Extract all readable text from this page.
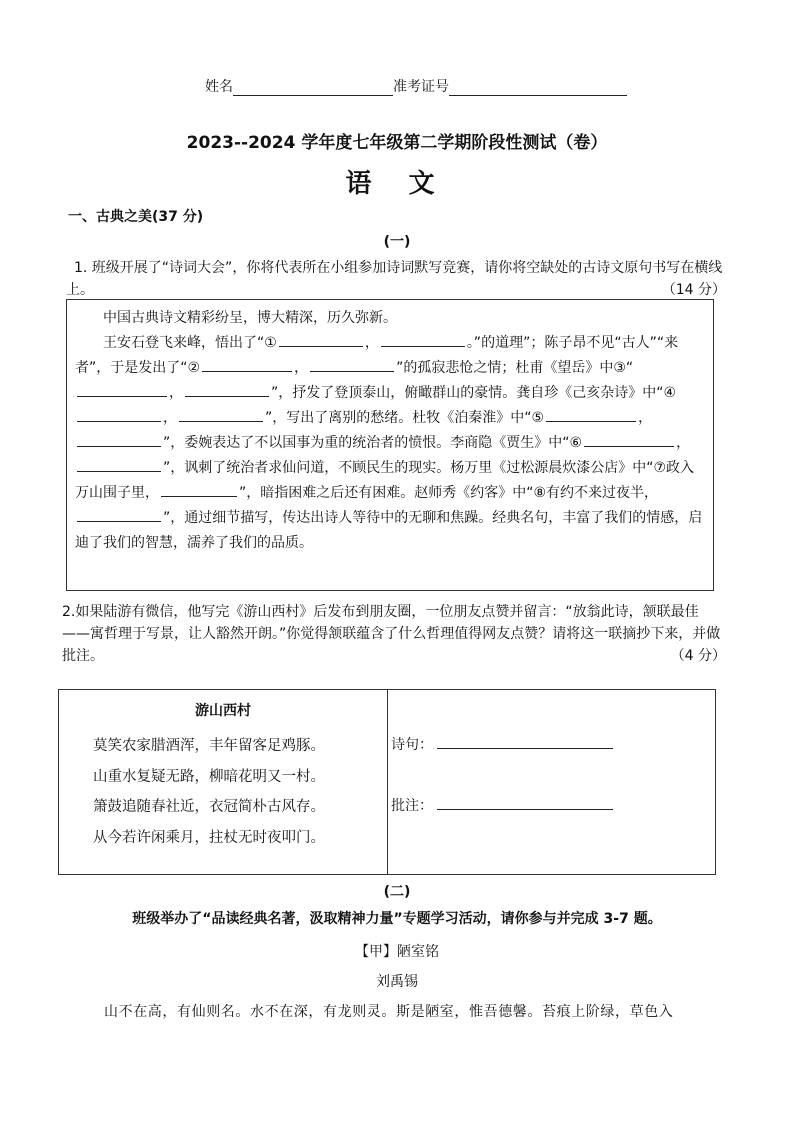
姓名	准考证号
2023--2024 学年度七年级第二学期阶段性测试（卷）
语 文
一、古典之美(37 分)
(一)
1. 班级开展了“诗词大会”，你将代表所在小组参加诗词默写竞赛，请你将空缺处的古诗文原句书写在横线上。	（14 分）

中国古典诗文精彩纷呈，博大精深，历久弥新。

王安石登飞来峰，悟出了“①	，	。”的道理”；陈子昂不见“古人”“来者”，于是发出了“②	，	”的孤寂悲怆之情；杜甫《望岳》中③“，	”，抒发了登顶泰山，俯瞰群山的豪情。龚自珍《己亥杂诗》中“④，	”，写出了离别的愁绪。杜牧《泊秦淮》中“⑤	，”，委婉表达了不以国事为重的统治者的愤恨。李商隐《贾生》中“⑥	，”，讽刺了统治者求仙问道，不顾民生的现实。杨万里《过松源晨炊漆公店》中“⑦政入万山围子里，	”，暗指困难之后还有困难。赵师秀《约客》中“⑧有约不来过夜半，”，通过细节描写，传达出诗人等待中的无聊和焦躁。经典名句，丰富了我们的情感，启迪了我们的智慧，濡养了我们的品质。

2.如果陆游有微信，他写完《游山西村》后发布到朋友圈，一位朋友点赞并留言：“放翁此诗，颔联最佳——寓哲理于写景，让人豁然开朗。”你觉得颔联蕴含了什么哲理值得网友点赞？请将这一联摘抄下来，并做批注。	（4 分）
游山西村
莫笑农家腊酒浑，丰年留客足鸡豚。
山重水复疑无路，柳暗花明又一村。
箫鼓追随春社近，衣冠简朴古风存。
从今若许闲乘月，拄杖无时夜叩门。
诗句：
批注：
(二)
班级举办了“品读经典名著，汲取精神力量”专题学习活动，请你参与并完成 3-7 题。
【甲】陋室铭
刘禹锡
山不在高，有仙则名。水不在深，有龙则灵。斯是陋室，惟吾德馨。苔痕上阶绿，草色入
